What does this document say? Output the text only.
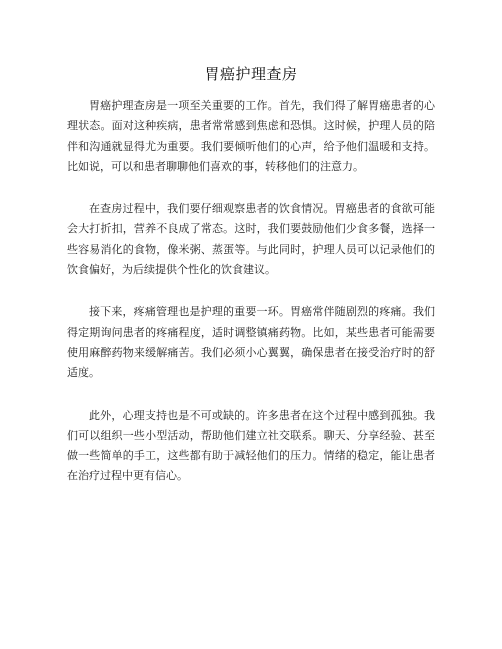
胃癌护理查房

胃癌护理查房是一项至关重要的工作。首先，我们得了解胃癌患者的心理状态。面对这种疾病，患者常常感到焦虑和恐惧。这时候，护理人员的陪伴和沟通就显得尤为重要。我们要倾听他们的心声，给予他们温暖和支持。比如说，可以和患者聊聊他们喜欢的事，转移他们的注意力。

在查房过程中，我们要仔细观察患者的饮食情况。胃癌患者的食欲可能会大打折扣，营养不良成了常态。这时，我们要鼓励他们少食多餐，选择一些容易消化的食物，像米粥、蒸蛋等。与此同时，护理人员可以记录他们的饮食偏好，为后续提供个性化的饮食建议。

接下来，疼痛管理也是护理的重要一环。胃癌常伴随剧烈的疼痛。我们得定期询问患者的疼痛程度，适时调整镇痛药物。比如，某些患者可能需要使用麻醉药物来缓解痛苦。我们必须小心翼翼，确保患者在接受治疗时的舒适度。

此外，心理支持也是不可或缺的。许多患者在这个过程中感到孤独。我们可以组织一些小型活动，帮助他们建立社交联系。聊天、分享经验、甚至做一些简单的手工，这些都有助于减轻他们的压力。情绪的稳定，能让患者在治疗过程中更有信心。
